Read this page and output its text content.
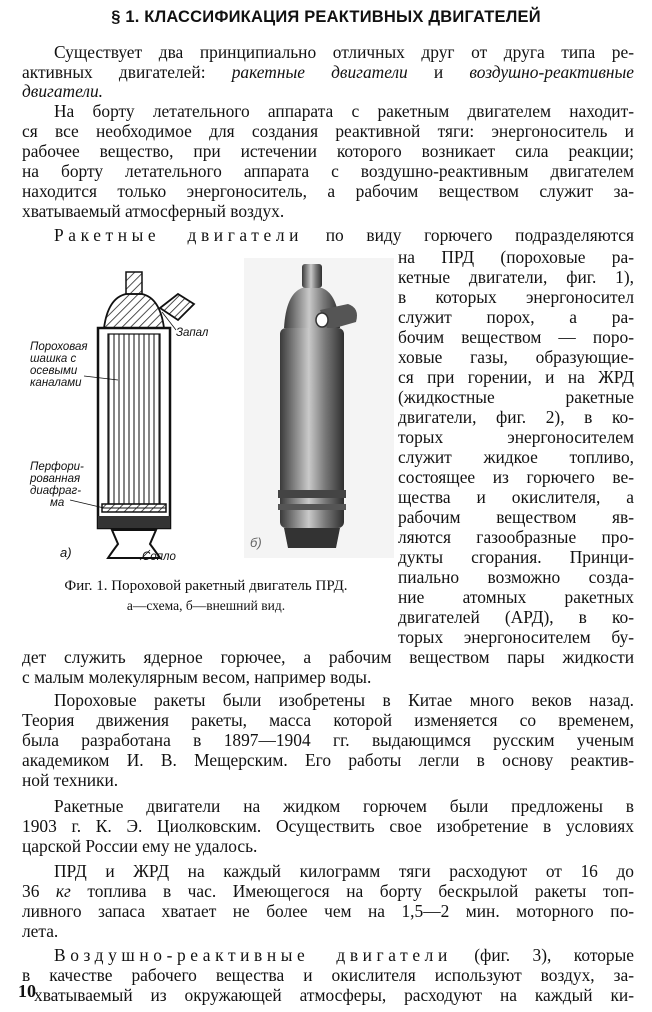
§ 1. КЛАССИФИКАЦИЯ РЕАКТИВНЫХ ДВИГАТЕЛЕЙ
Существует два принципиально отличных друг от друга типа ре-
активных двигателей: ракетные двигатели и воздушно-реактивные
двигатели.
На борту летательного аппарата с ракетным двигателем находит-
ся все необходимое для создания реактивной тяги: энергоноситель и
рабочее вещество, при истечении которого возникает сила реакции;
на борту летательного аппарата с воздушно-реактивным двигателем
находится только энергоноситель, а рабочим веществом служит за-
хватываемый атмосферный воздух.
Ракетные двигатели по виду горючего подразделяются
на ПРД (пороховые ра-
кетные двигатели, фиг. 1),
в которых энергоносител
служит порох, а ра-
бочим веществом — поро-
ховые газы, образующие-
ся при горении, и на ЖРД
(жидкостные ракетные
двигатели, фиг. 2), в ко-
торых энергоносителем
служит жидкое топливо,
состоящее из горючего ве-
щества и окислителя, а
рабочим веществом яв-
ляются газообразные про-
дукты сгорания. Принци-
пиально возможно созда-
ние атомных ракетных
двигателей (АРД), в ко-
торых энергоносителем бу-
Запал
Пороховая
шашка с
осевыми
каналами
Перфори-
рованная
диафраг-
ма
Сопло
а)
б)
Фиг. 1. Пороховой ракетный двигатель ПРД.
а—схема, б—внешний вид.
дет служить ядерное горючее, а рабочим веществом пары жидкости
с малым молекулярным весом, например воды.
Пороховые ракеты были изобретены в Китае много веков назад.
Теория движения ракеты, масса которой изменяется со временем,
была разработана в 1897—1904 гг. выдающимся русским ученым
академиком И. В. Мещерским. Его работы легли в основу реактив-
ной техники.
Ракетные двигатели на жидком горючем были предложены в
1903 г. К. Э. Циолковским. Осуществить свое изобретение в условиях
царской России ему не удалось.
ПРД и ЖРД на каждый килограмм тяги расходуют от 16 до
36 кг топлива в час. Имеющегося на борту бескрылой ракеты топ-
ливного запаса хватает не более чем на 1,5—2 мин. моторного по-
лета.
Воздушно-реактивные двигатели (фиг. 3), которые
в качестве рабочего вещества и окислителя используют воздух, за-
хватываемый из окружающей атмосферы, расходуют на каждый ки-
10
